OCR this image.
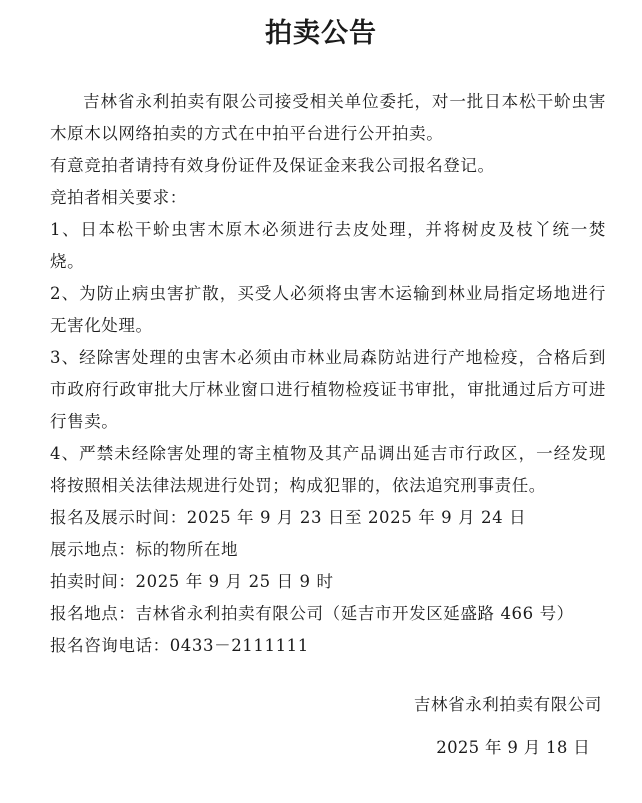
拍卖公告

吉林省永利拍卖有限公司接受相关单位委托，对一批日本松干蚧虫害木原木以网络拍卖的方式在中拍平台进行公开拍卖。

有意竞拍者请持有效身份证件及保证金来我公司报名登记。

竞拍者相关要求：

1、日本松干蚧虫害木原木必须进行去皮处理，并将树皮及枝丫统一焚烧。

2、为防止病虫害扩散，买受人必须将虫害木运输到林业局指定场地进行无害化处理。

3、经除害处理的虫害木必须由市林业局森防站进行产地检疫，合格后到市政府行政审批大厅林业窗口进行植物检疫证书审批，审批通过后方可进行售卖。

4、严禁未经除害处理的寄主植物及其产品调出延吉市行政区，一经发现将按照相关法律法规进行处罚；构成犯罪的，依法追究刑事责任。

报名及展示时间：2025 年 9 月 23 日至 2025 年 9 月 24 日

展示地点：标的物所在地

拍卖时间：2025 年 9 月 25 日 9 时

报名地点：吉林省永利拍卖有限公司（延吉市开发区延盛路 466 号）

报名咨询电话：0433－2111111

吉林省永利拍卖有限公司
2025 年 9 月 18 日
